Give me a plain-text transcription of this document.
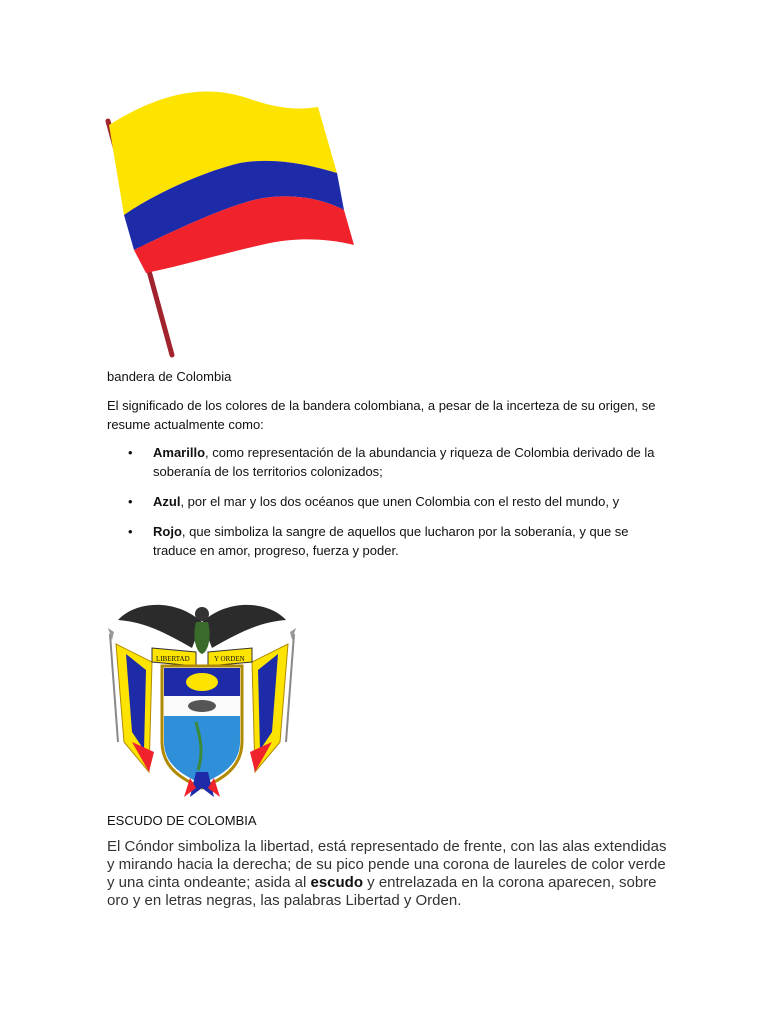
bandera de Colombia
El significado de los colores de la bandera colombiana, a pesar de la incerteza de su origen, se resume actualmente como:
• Amarillo, como representación de la abundancia y riqueza de Colombia derivado de la soberanía de los territorios colonizados;
• Azul, por el mar y los dos océanos que unen Colombia con el resto del mundo, y
• Rojo, que simboliza la sangre de aquellos que lucharon por la soberanía, y que se traduce en amor, progreso, fuerza y poder.
LIBERTAD	Y ORDEN
ESCUDO DE COLOMBIA
El Cóndor simboliza la libertad, está representado de frente, con las alas extendidas y mirando hacia la derecha; de su pico pende una corona de laureles de color verde y una cinta ondeante; asida al escudo y entrelazada en la corona aparecen, sobre oro y en letras negras, las palabras Libertad y Orden.
